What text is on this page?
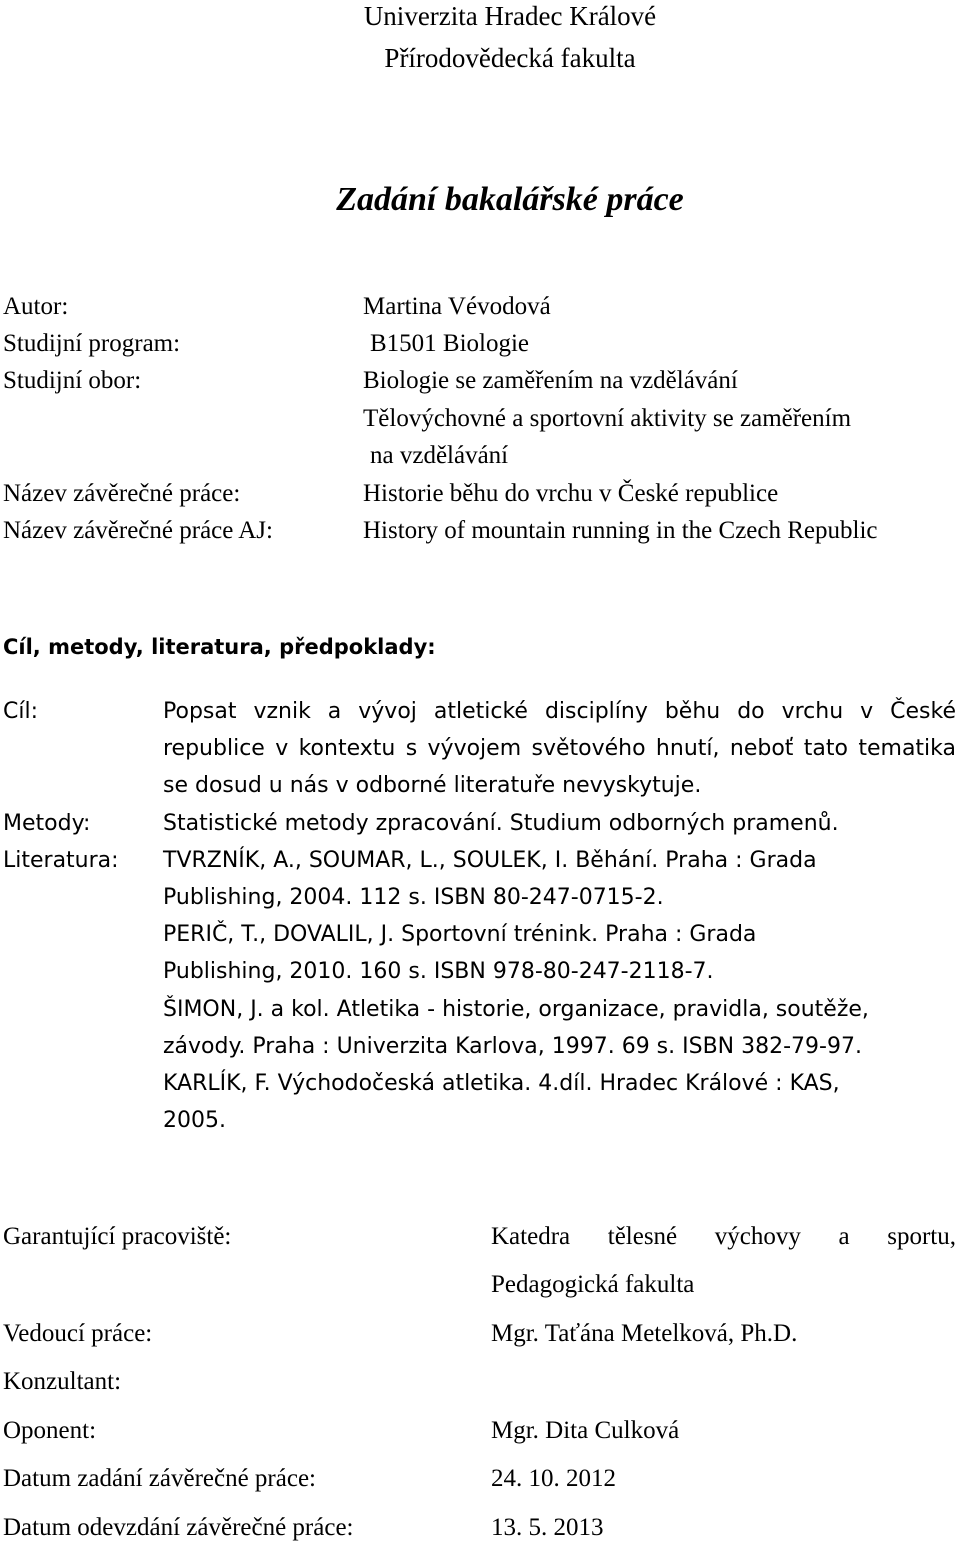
Univerzita Hradec Králové
Přírodovědecká fakulta
Zadání bakalářské práce
Autor:	Martina Vévodová
Studijní program:	B1501 Biologie
Studijní obor:	Biologie se zaměřením na vzdělávání
Tělovýchovné a sportovní aktivity se zaměřením
na vzdělávání
Název závěrečné práce:	Historie běhu do vrchu v České republice
Název závěrečné práce AJ:	History of mountain running in the Czech Republic
Cíl, metody, literatura, předpoklady:
Cíl:	Popsat vznik a vývoj atletické disciplíny běhu do vrchu v České
republice v kontextu s vývojem světového hnutí, neboť tato tematika
se dosud u nás v odborné literatuře nevyskytuje.
Metody:	Statistické metody zpracování. Studium odborných pramenů.
Literatura: TVRZNÍK, A., SOUMAR, L., SOULEK, I. Běhání. Praha : Grada
Publishing, 2004. 112 s. ISBN 80-247-0715-2.
PERIČ, T., DOVALIL, J. Sportovní trénink. Praha : Grada
Publishing, 2010. 160 s. ISBN 978-80-247-2118-7.
ŠIMON, J. a kol. Atletika - historie, organizace, pravidla, soutěže,
závody. Praha : Univerzita Karlova, 1997. 69 s. ISBN 382-79-97.
KARLÍK, F. Východočeská atletika. 4.díl. Hradec Králové : KAS,
2005.
Garantující pracoviště:	Katedra tělesné výchovy a sportu,
Pedagogická fakulta
Vedoucí práce:	Mgr. Taťána Metelková, Ph.D.
Konzultant:
Oponent:	Mgr. Dita Culková
Datum zadání závěrečné práce:	24. 10. 2012
Datum odevzdání závěrečné práce:	13. 5. 2013
